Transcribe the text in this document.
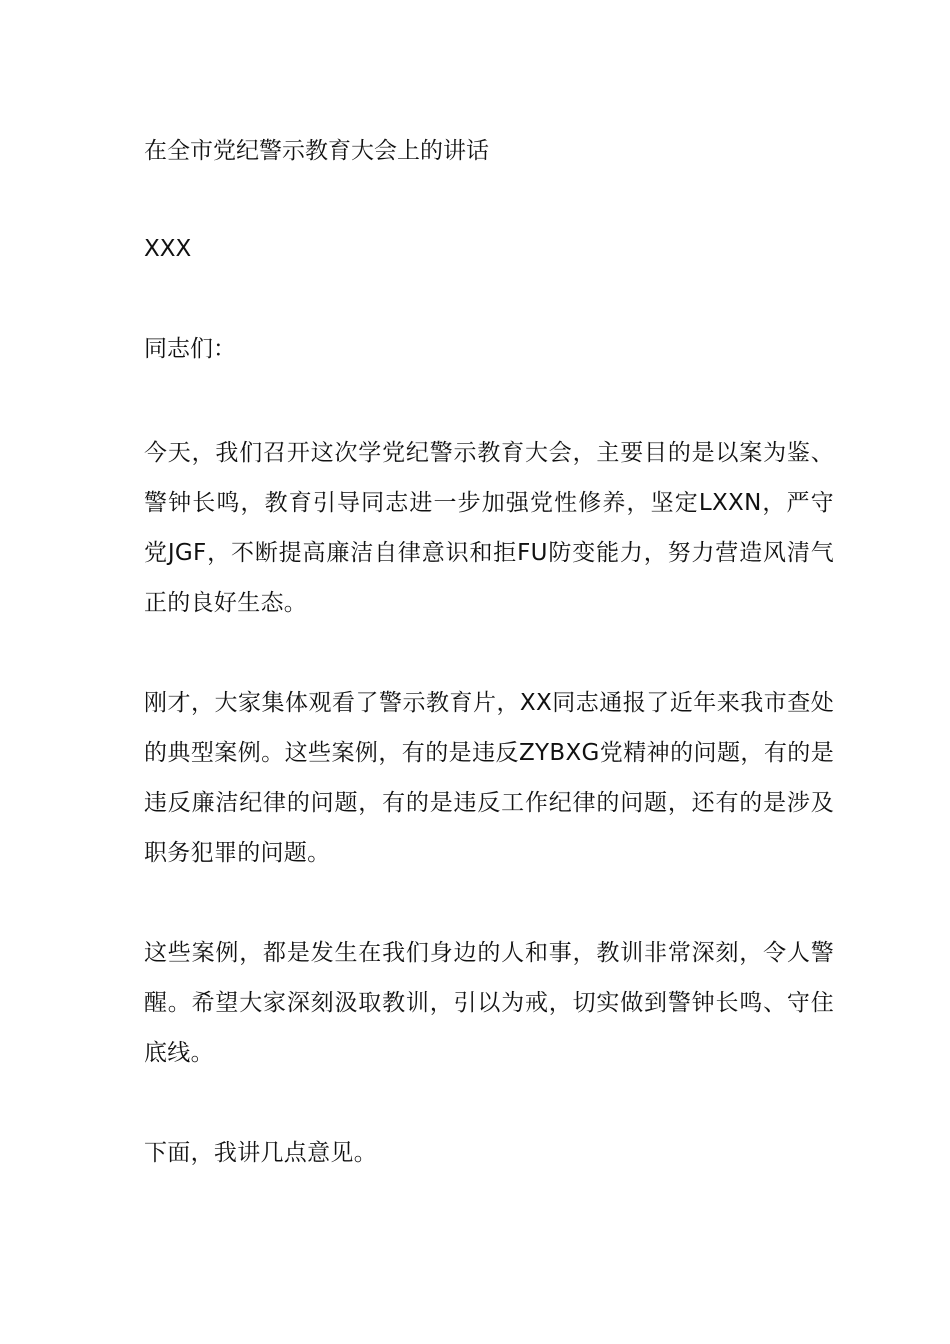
在全市党纪警示教育大会上的讲话
XXX
同志们：
今天，我们召开这次学党纪警示教育大会，主要目的是以案为鉴、警钟长鸣，教育引导同志进一步加强党性修养，坚定LXXN，严守党JGF，不断提高廉洁自律意识和拒FU防变能力，努力营造风清气正的良好生态。
刚才，大家集体观看了警示教育片，XX同志通报了近年来我市查处的典型案例。这些案例，有的是违反ZYBXG党精神的问题，有的是违反廉洁纪律的问题，有的是违反工作纪律的问题，还有的是涉及职务犯罪的问题。
这些案例，都是发生在我们身边的人和事，教训非常深刻，令人警醒。希望大家深刻汲取教训，引以为戒，切实做到警钟长鸣、守住底线。
下面，我讲几点意见。
